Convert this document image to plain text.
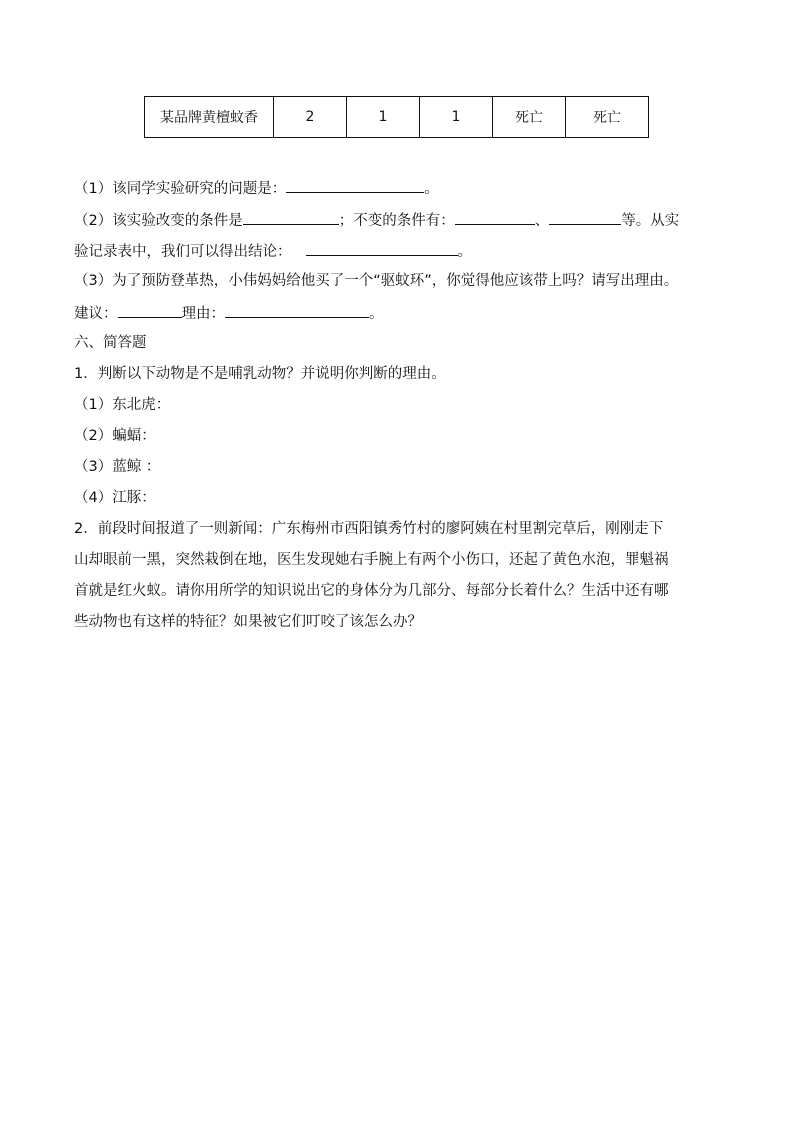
某品牌黄檀蚊香	2	1	1	死亡	死亡
（1）该同学实验研究的问题是：	。
（2）该实验改变的条件是	；不变的条件有：	、	等。从实
验记录表中，我们可以得出结论：	。
（3）为了预防登革热，小伟妈妈给他买了一个“驱蚊环”，你觉得他应该带上吗？请写出理由。
建议：	理由：	。
六、简答题
1．判断以下动物是不是哺乳动物？并说明你判断的理由。
（1）东北虎：
（2）蝙蝠：
（3）蓝鲸 ：
（4）江豚：
2．前段时间报道了一则新闻：广东梅州市西阳镇秀竹村的廖阿姨在村里割完草后，刚刚走下
山却眼前一黑，突然栽倒在地，医生发现她右手腕上有两个小伤口，还起了黄色水泡，罪魁祸
首就是红火蚁。请你用所学的知识说出它的身体分为几部分、每部分长着什么？生活中还有哪
些动物也有这样的特征？如果被它们叮咬了该怎么办？
